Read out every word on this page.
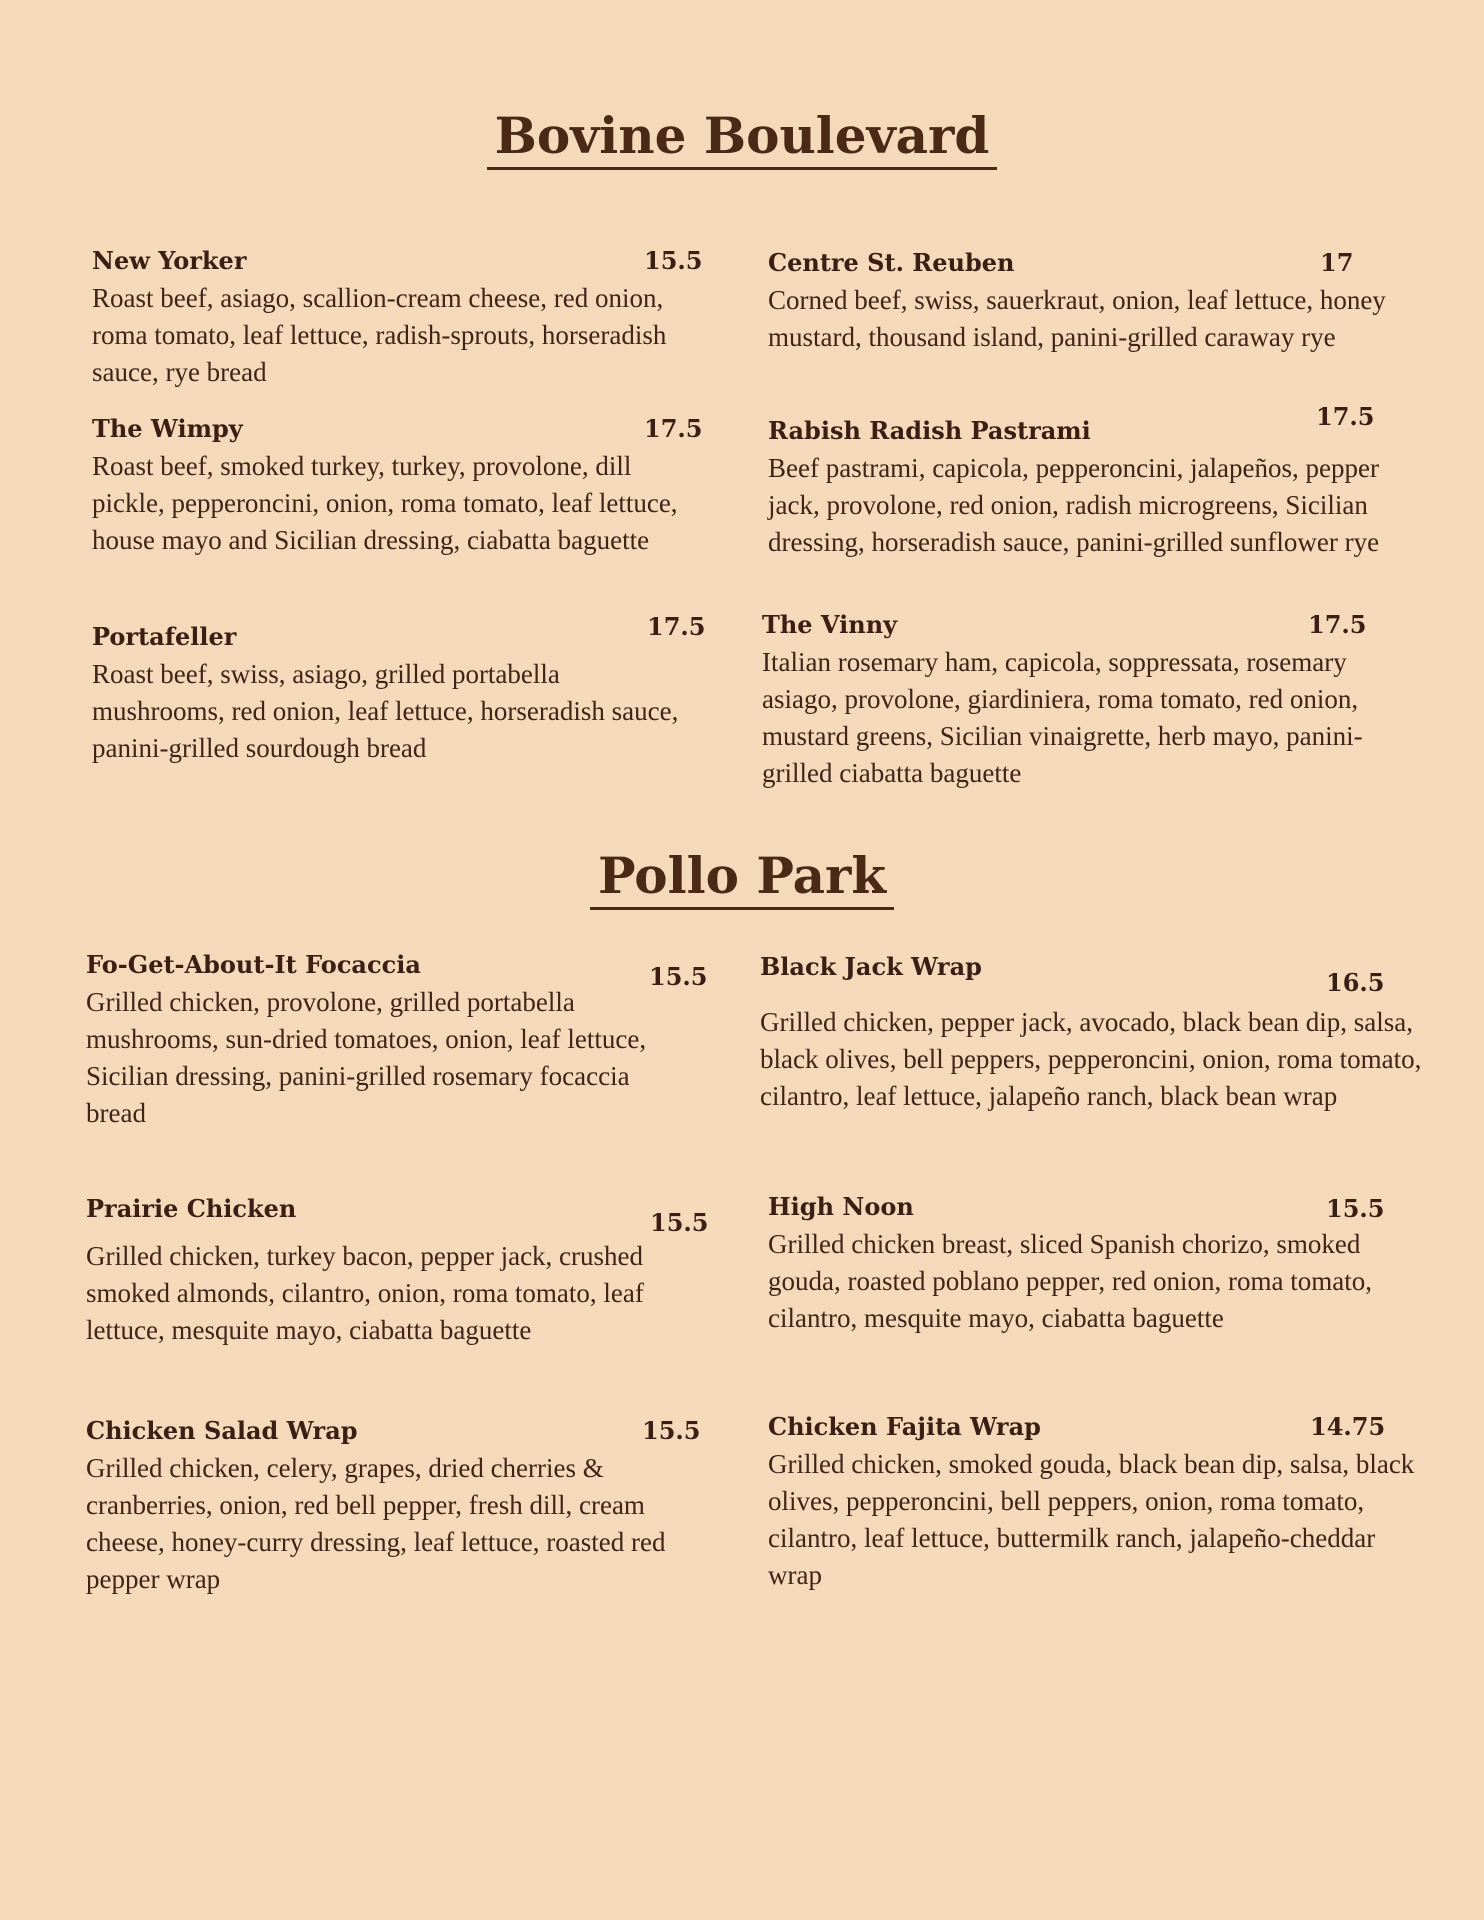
Bovine Boulevard
New Yorker	15.5
Roast beef, asiago, scallion-cream cheese, red onion, roma tomato, leaf lettuce, radish-sprouts, horseradish sauce, rye bread
Centre St. Reuben	17
Corned beef, swiss, sauerkraut, onion, leaf lettuce, honey mustard, thousand island, panini-grilled caraway rye
The Wimpy	17.5
Roast beef, smoked turkey, turkey, provolone, dill pickle, pepperoncini, onion, roma tomato, leaf lettuce, house mayo and Sicilian dressing, ciabatta baguette
Rabish Radish Pastrami	17.5
Beef pastrami, capicola, pepperoncini, jalapeños, pepper jack, provolone, red onion, radish microgreens, Sicilian dressing, horseradish sauce, panini-grilled sunflower rye
Portafeller	17.5
Roast beef, swiss, asiago, grilled portabella mushrooms, red onion, leaf lettuce, horseradish sauce, panini-grilled sourdough bread
The Vinny	17.5
Italian rosemary ham, capicola, soppressata, rosemary asiago, provolone, giardiniera, roma tomato, red onion, mustard greens, Sicilian vinaigrette, herb mayo, panini-grilled ciabatta baguette
Pollo Park
Fo-Get-About-It Focaccia	15.5
Grilled chicken, provolone, grilled portabella mushrooms, sun-dried tomatoes, onion, leaf lettuce, Sicilian dressing, panini-grilled rosemary focaccia bread
Black Jack Wrap
16.5
Grilled chicken, pepper jack, avocado, black bean dip, salsa, black olives, bell peppers, pepperoncini, onion, roma tomato, cilantro, leaf lettuce, jalapeño ranch, black bean wrap
Prairie Chicken	15.5
Grilled chicken, turkey bacon, pepper jack, crushed smoked almonds, cilantro, onion, roma tomato, leaf lettuce, mesquite mayo, ciabatta baguette
High Noon	15.5
Grilled chicken breast, sliced Spanish chorizo, smoked gouda, roasted poblano pepper, red onion, roma tomato, cilantro, mesquite mayo, ciabatta baguette
Chicken Salad Wrap	15.5
Grilled chicken, celery, grapes, dried cherries & cranberries, onion, red bell pepper, fresh dill, cream cheese, honey-curry dressing, leaf lettuce, roasted red pepper wrap
Chicken Fajita Wrap	14.75
Grilled chicken, smoked gouda, black bean dip, salsa, black olives, pepperoncini, bell peppers, onion, roma tomato, cilantro, leaf lettuce, buttermilk ranch, jalapeño-cheddar wrap
